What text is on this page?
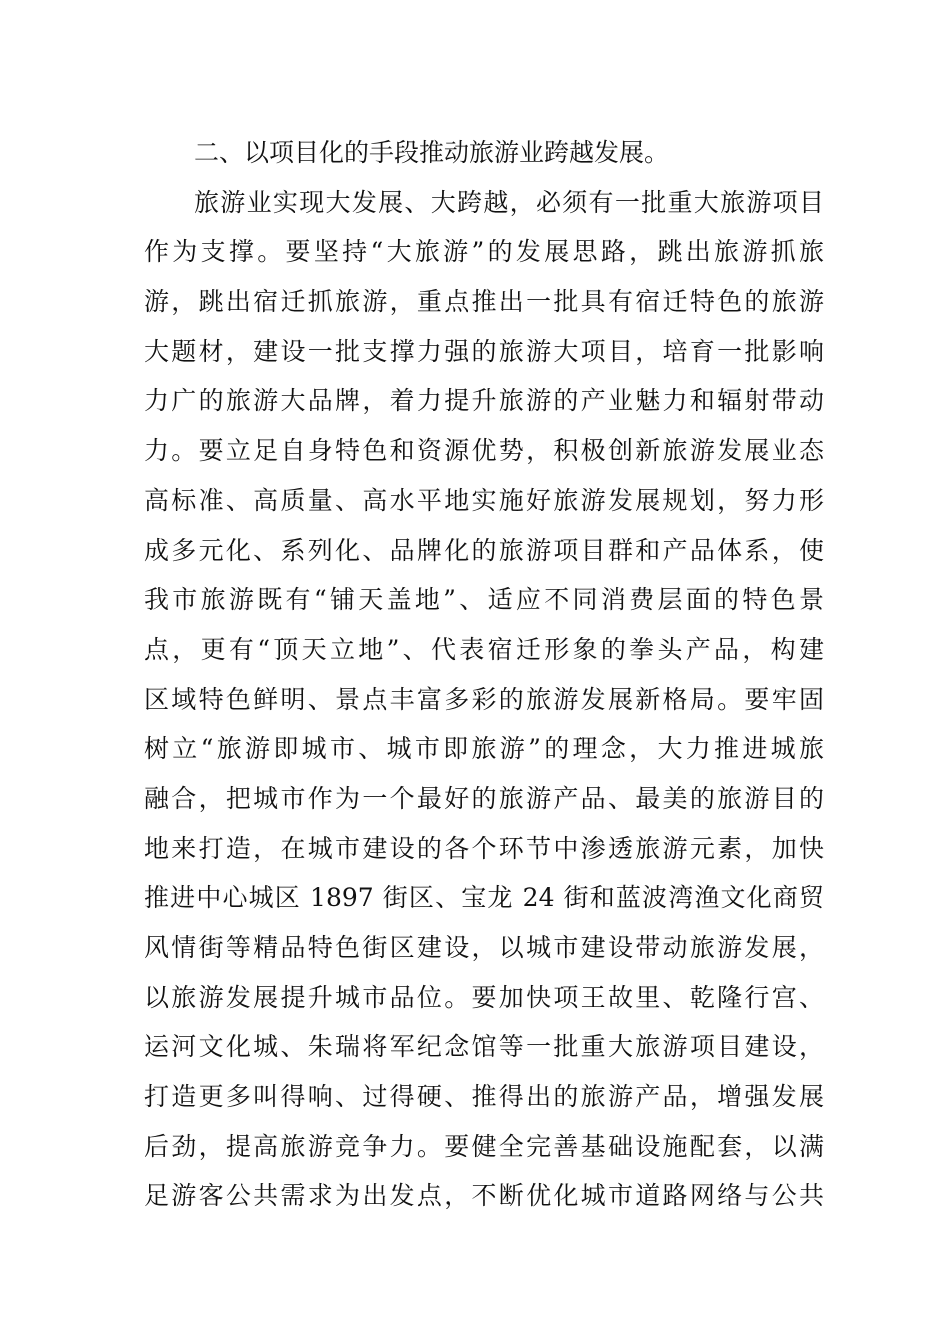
二、以项目化的手段推动旅游业跨越发展。
旅游业实现大发展、大跨越，必须有一批重大旅游项目
作为支撑。要坚持“大旅游”的发展思路，跳出旅游抓旅
游，跳出宿迁抓旅游，重点推出一批具有宿迁特色的旅游
大题材，建设一批支撑力强的旅游大项目，培育一批影响
力广的旅游大品牌，着力提升旅游的产业魅力和辐射带动
力。要立足自身特色和资源优势，积极创新旅游发展业态
高标准、高质量、高水平地实施好旅游发展规划，努力形
成多元化、系列化、品牌化的旅游项目群和产品体系，使
我市旅游既有“铺天盖地”、适应不同消费层面的特色景
点，更有“顶天立地”、代表宿迁形象的拳头产品，构建
区域特色鲜明、景点丰富多彩的旅游发展新格局。要牢固
树立“旅游即城市、城市即旅游”的理念，大力推进城旅
融合，把城市作为一个最好的旅游产品、最美的旅游目的
地来打造，在城市建设的各个环节中渗透旅游元素，加快
推进中心城区 1897 街区、宝龙 24 街和蓝波湾渔文化商贸
风情街等精品特色街区建设，以城市建设带动旅游发展，
以旅游发展提升城市品位。要加快项王故里、乾隆行宫、
运河文化城、朱瑞将军纪念馆等一批重大旅游项目建设，
打造更多叫得响、过得硬、推得出的旅游产品，增强发展
后劲，提高旅游竞争力。要健全完善基础设施配套，以满
足游客公共需求为出发点，不断优化城市道路网络与公共
